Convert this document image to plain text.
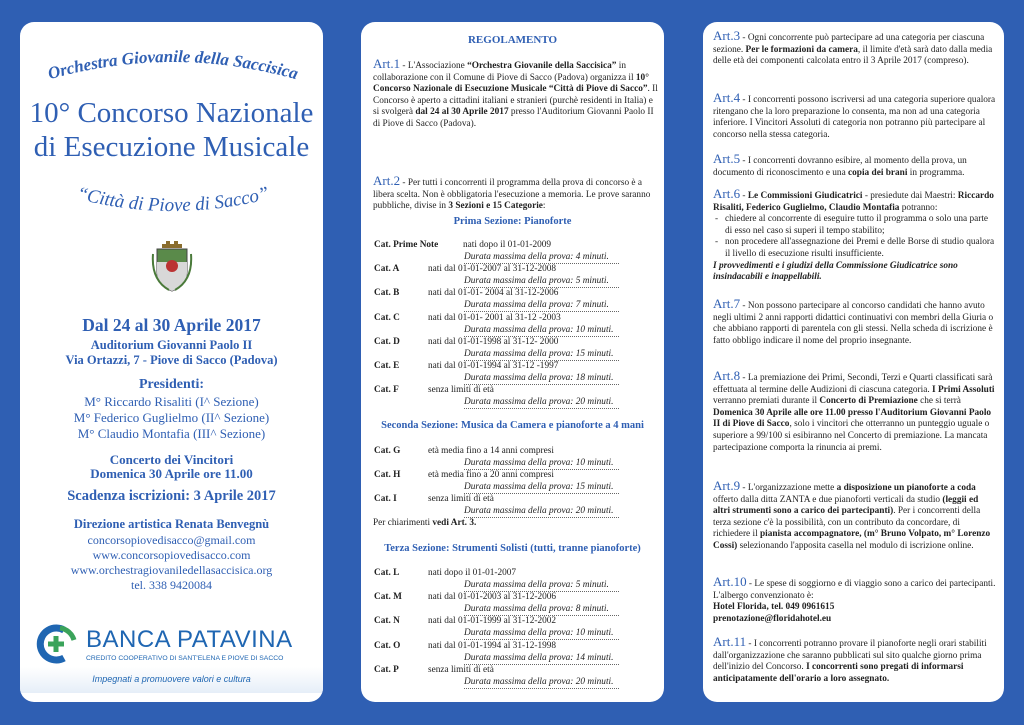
Orchestra Giovanile della Saccisica
10° Concorso Nazionale
di Esecuzione Musicale
“Città di Piove di Sacco”
Dal 24 al 30 Aprile 2017
Auditorium Giovanni Paolo II
Via Ortazzi, 7 - Piove di Sacco (Padova)
Presidenti:
M° Riccardo Risaliti (I^ Sezione)
M° Federico Guglielmo (II^ Sezione)
M° Claudio Montafia (III^ Sezione)
Concerto dei Vincitori
Domenica 30 Aprile ore 11.00
Scadenza iscrizioni: 3 Aprile 2017
Direzione artistica Renata Benvegnù
concorsopiovedisacco@gmail.com
www.concorsopiovedisacco.com
www.orchestragiovaniledellasaccisica.org
tel. 338 9420084
BANCA PATAVINA
CREDITO COOPERATIVO DI SANT'ELENA E PIOVE DI SACCO
Impegnati a promuovere valori e cultura
REGOLAMENTO
Art.1 - L'Associazione “Orchestra Giovanile della Saccisica” in collaborazione con il Comune di Piove di Sacco (Padova) organizza il 10° Concorso Nazionale di Esecuzione Musicale “Città di Piove di Sacco”. Il Concorso è aperto a cittadini italiani e stranieri (purchè residenti in Italia) e si svolgerà dal 24 al 30 Aprile 2017 presso l'Auditorium Giovanni Paolo II di Piove di Sacco (Padova).
Art.2 - Per tutti i concorrenti il programma della prova di concorso è a libera scelta. Non è obbligatoria l'esecuzione a memoria. Le prove saranno pubbliche, divise in 3 Sezioni e 15 Categorie:
Prima Sezione: Pianoforte
Cat. Prime Note	nati dopo il 01-01-2009
Durata massima della prova: 4 minuti.
Cat. A	nati dal 01-01-2007 al 31-12-2008
Durata massima della prova: 5 minuti.
Cat. B	nati dal 01-01- 2004 al 31-12-2006
Durata massima della prova: 7 minuti.
Cat. C	nati dal 01-01- 2001 al 31-12 -2003
Durata massima della prova: 10 minuti.
Cat. D	nati dal 01-01-1998 al 31-12- 2000
Durata massima della prova: 15 minuti.
Cat. E	nati dal 01-01-1994 al 31-12 -1997
Durata massima della prova: 18 minuti.
Cat. F	senza limiti di età
Durata massima della prova: 20 minuti.
Seconda Sezione: Musica da Camera e pianoforte a 4 mani
Cat. G	età media fino a 14 anni compresi
Durata massima della prova: 10 minuti.
Cat. H	età media fino a 20 anni compresi
Durata massima della prova: 15 minuti.
Cat. I	senza limiti di età
Durata massima della prova: 20 minuti.
Per chiarimenti vedi Art. 3.
Terza Sezione: Strumenti Solisti (tutti, tranne pianoforte)
Cat. L	nati dopo il 01-01-2007
Durata massima della prova: 5 minuti.
Cat. M	nati dal 01-01-2003 al 31-12-2006
Durata massima della prova: 8 minuti.
Cat. N	nati dal 01-01-1999 al 31-12-2002
Durata massima della prova: 10 minuti.
Cat. O	nati dal 01-01-1994 al 31-12-1998
Durata massima della prova: 14 minuti.
Cat. P	senza limiti di età
Durata massima della prova: 20 minuti.
Art.3 - Ogni concorrente può partecipare ad una categoria per ciascuna sezione. Per le formazioni da camera, il limite d'età sarà dato dalla media delle età dei componenti calcolata entro il 3 Aprile 2017 (compreso).
Art.4 - I concorrenti possono iscriversi ad una categoria superiore qualora ritengano che la loro preparazione lo consenta, ma non ad una categoria inferiore. I Vincitori Assoluti di categoria non potranno più partecipare al concorso nella stessa categoria.
Art.5 - I concorrenti dovranno esibire, al momento della prova, un documento di riconoscimento e una copia dei brani in programma.
Art.6 - Le Commissioni Giudicatrici - presiedute dai Maestri: Riccardo Risaliti, Federico Guglielmo, Claudio Montafia potranno:
- chiedere al concorrente di eseguire tutto il programma o solo una parte di esso nel caso si superi il tempo stabilito;
- non procedere all'assegnazione dei Premi e delle Borse di studio qualora il livello di esecuzione risulti insufficiente.
I provvedimenti e i giudizi della Commissione Giudicatrice sono insindacabili e inappellabili.
Art.7 - Non possono partecipare al concorso candidati che hanno avuto negli ultimi 2 anni rapporti didattici continuativi con membri della Giuria o che abbiano rapporti di parentela con gli stessi. Nella scheda di iscrizione è fatto obbligo indicare il nome del proprio insegnante.
Art.8 - La premiazione dei Primi, Secondi, Terzi e Quarti classificati sarà effettuata al termine delle Audizioni di ciascuna categoria. I Primi Assoluti verranno premiati durante il Concerto di Premiazione che si terrà Domenica 30 Aprile alle ore 11.00 presso l'Auditorium Giovanni Paolo II di Piove di Sacco, solo i vincitori che otterranno un punteggio uguale o superiore a 99/100 si esibiranno nel Concerto di premiazione. La mancata partecipazione comporta la rinuncia ai premi.
Art.9 - L'organizzazione mette a disposizione un pianoforte a coda offerto dalla ditta ZANTA e due pianoforti verticali da studio (leggii ed altri strumenti sono a carico dei partecipanti). Per i concorrenti della terza sezione c'è la possibilità, con un contributo da concordare, di richiedere il pianista accompagnatore, (m° Bruno Volpato, m° Lorenzo Cossi) selezionando l'apposita casella nel modulo di iscrizione online.
Art.10 - Le spese di soggiorno e di viaggio sono a carico dei partecipanti. L'albergo convenzionato è:
Hotel Florida, tel. 049 0961615
prenotazione@floridahotel.eu
Art.11 - I concorrenti potranno provare il pianoforte negli orari stabiliti dall'organizzazione che saranno pubblicati sul sito qualche giorno prima dell'inizio del Concorso. I concorrenti sono pregati di informarsi anticipatamente dell'orario a loro assegnato.
